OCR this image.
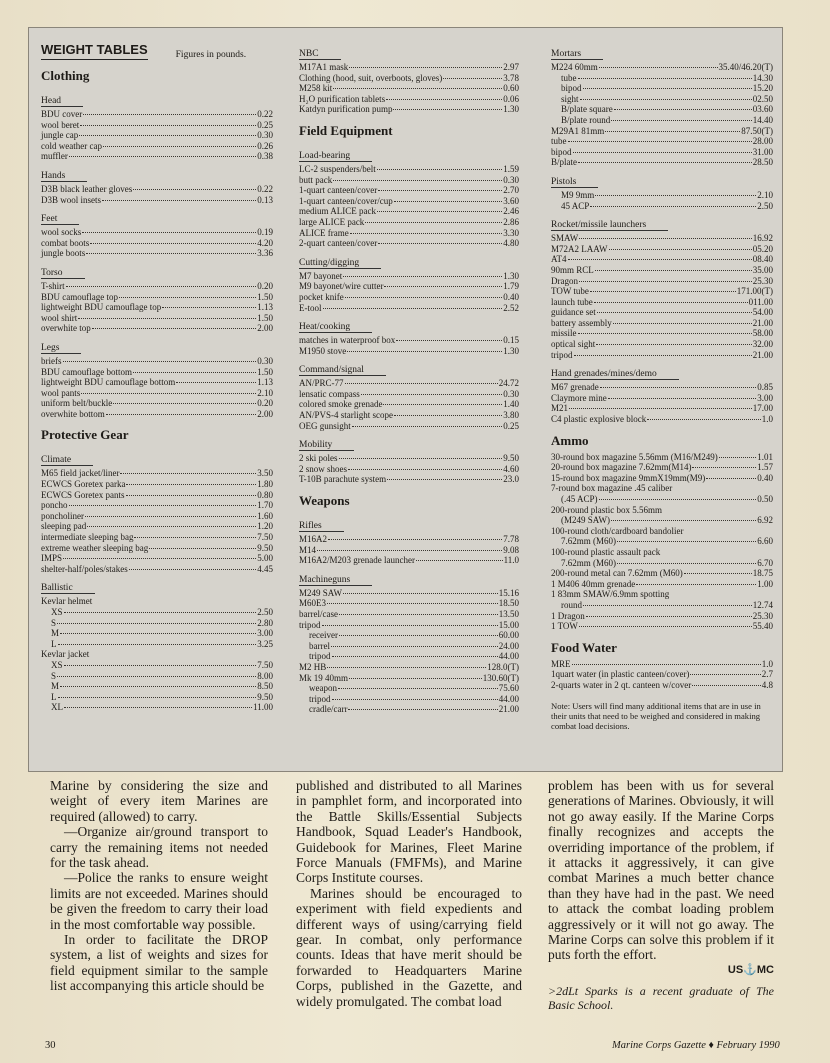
WEIGHT TABLES	Figures in pounds.
Clothing
Head
BDU cover	0.22
wool beret	0.25
jungle cap	0.30
cold weather cap	0.26
muffler	0.38
Hands
D3B black leather gloves	0.22
D3B wool insets	0.13
Feet
wool socks	0.19
combat boots	4.20
jungle boots	3.36
Torso
T-shirt	0.20
BDU camouflage top	1.50
lightweight BDU camouflage top	1.13
wool shirt	1.50
overwhite top	2.00
Legs
briefs	0.30
BDU camouflage bottom	1.50
lightweight BDU camouflage bottom	1.13
wool pants	2.10
uniform belt/buckle	0.20
overwhite bottom	2.00
Protective Gear
Climate
M65 field jacket/liner	3.50
ECWCS Goretex parka	1.80
ECWCS Goretex pants	0.80
poncho	1.70
poncholiner	1.60
sleeping pad	1.20
intermediate sleeping bag	7.50
extreme weather sleeping bag	9.50
IMPS	5.00
shelter-half/poles/stakes	4.45
Ballistic
Kevlar helmet
XS	2.50
S	2.80
M	3.00
L	3.25
Kevlar jacket
XS	7.50
S	8.00
M	8.50
L	9.50
XL	11.00
NBC
M17A1 mask	2.97
Clothing (hood, suit, overboots, gloves)	3.78
M258 kit	0.60
H₂O purification tablets	0.06
Katdyn purification pump	1.30
Field Equipment
Load-bearing
LC-2 suspenders/belt	1.59
butt pack	0.30
1-quart canteen/cover	2.70
1-quart canteen/cover/cup	3.60
medium ALICE pack	2.46
large ALICE pack	2.86
ALICE frame	3.30
2-quart canteen/cover	4.80
Cutting/digging
M7 bayonet	1.30
M9 bayonet/wire cutter	1.79
pocket knife	0.40
E-tool	2.52
Heat/cooking
matches in waterproof box	0.15
M1950 stove	1.30
Command/signal
AN/PRC-77	24.72
lensatic compass	0.30
colored smoke grenade	1.40
AN/PVS-4 starlight scope	3.80
OEG gunsight	0.25
Mobility
2 ski poles	9.50
2 snow shoes	4.60
T-10B parachute system	23.0
Weapons
Rifles
M16A2	7.78
M14	9.08
M16A2/M203 grenade launcher	11.0
Machineguns
M249 SAW	15.16
M60E3	18.50
barrel/case	13.50
tripod	15.00
receiver	60.00
barrel	24.00
tripod	44.00
M2 HB	128.0(T)
Mk 19 40mm	130.60(T)
weapon	75.60
tripod	44.00
cradle/carr	21.00
Mortars
M224 60mm	35.40/46.20(T)
tube	14.30
bipod	15.20
sight	02.50
B/plate square	03.60
B/plate round	14.40
M29A1 81mm	87.50(T)
tube	28.00
bipod	31.00
B/plate	28.50
Pistols
M9 9mm	2.10
45 ACP	2.50
Rocket/missile launchers
SMAW	16.92
M72A2 LAAW	05.20
AT4	08.40
90mm RCL	35.00
Dragon	25.30
TOW tube	171.00(T)
launch tube	011.00
guidance set	54.00
battery assembly	21.00
missile	58.00
optical sight	32.00
tripod	21.00
Hand grenades/mines/demo
M67 grenade	0.85
Claymore mine	3.00
M21	17.00
C4 plastic explosive block	1.0
Ammo
30-round box magazine 5.56mm (M16/M249)	1.01
20-round box magazine 7.62mm(M14)	1.57
15-round box magazine 9mmX19mm(M9)	0.40
7-round box magazine .45 caliber
(.45 ACP)	0.50
200-round plastic box 5.56mm
(M249 SAW)	6.92
100-round cloth/cardboard bandolier
7.62mm (M60)	6.60
100-round plastic assault pack
7.62mm (M60)	6.70
200-round metal can 7.62mm (M60)	18.75
1 M406 40mm grenade	1.00
1 83mm SMAW/6.9mm spotting
round	12.74
1 Dragon	25.30
1 TOW	55.40
Food Water
MRE	1.0
1quart water (in plastic canteen/cover)	2.7
2-quarts water in 2 qt. canteen w/cover	4.8
Note: Users will find many additional items that are in use in their units that need to be weighed and considered in making combat load decisions.

Marine by considering the size and weight of every item Marines are required (allowed) to carry.

—Organize air/ground transport to carry the remaining items not needed for the task ahead.

—Police the ranks to ensure weight limits are not exceeded. Marines should be given the freedom to carry their load in the most comfortable way possible.

In order to facilitate the DROP system, a list of weights and sizes for field equipment similar to the sample list accompanying this article should be

published and distributed to all Marines in pamphlet form, and incorporated into the Battle Skills/Essential Subjects Handbook, Squad Leader's Handbook, Guidebook for Marines, Fleet Marine Force Manuals (FMFMs), and Marine Corps Institute courses.

Marines should be encouraged to experiment with field expedients and different ways of using/carrying field gear. In combat, only performance counts. Ideas that have merit should be forwarded to Headquarters Marine Corps, published in the Gazette, and widely promulgated. The combat load

problem has been with us for several generations of Marines. Obviously, it will not go away easily. If the Marine Corps finally recognizes and accepts the overriding importance of the problem, if it attacks it aggressively, it can give combat Marines a much better chance than they have had in the past. We need to attack the combat loading problem aggressively or it will not go away. The Marine Corps can solve this problem if it puts forth the effort.

US⚓MC

>2dLt Sparks is a recent graduate of The Basic School.

30	Marine Corps Gazette ♦ February 1990
